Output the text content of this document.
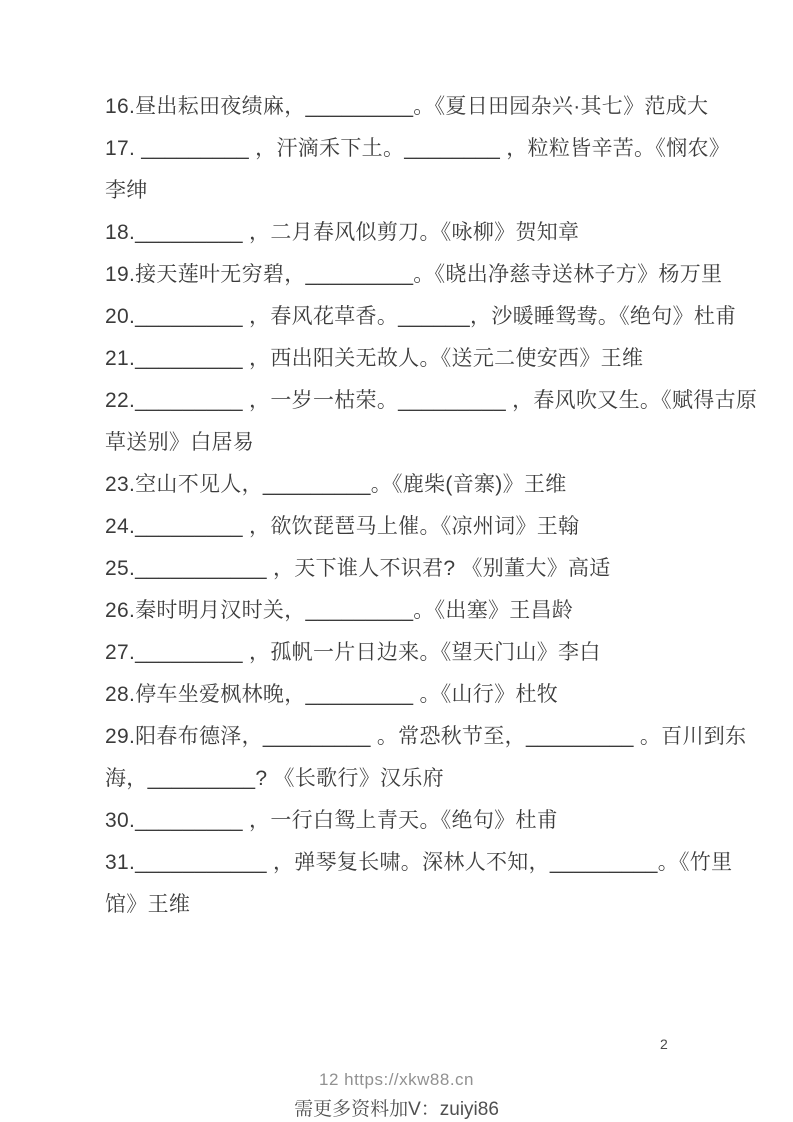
16.昼出耘田夜绩麻，_________。《夏日田园杂兴·其七》范成大
17. _________ ，汗滴禾下土。________ ，粒粒皆辛苦。《悯农》
李绅
18._________ ，二月春风似剪刀。《咏柳》贺知章
19.接天莲叶无穷碧，_________。《晓出净慈寺送林子方》杨万里
20._________ ，春风花草香。______，沙暖睡鸳鸯。《绝句》杜甫
21._________ ，西出阳关无故人。《送元二使安西》王维
22._________ ，一岁一枯荣。_________ ，春风吹又生。《赋得古原
草送别》白居易
23.空山不见人，_________。《鹿柴(音寨)》王维
24._________ ，欲饮琵琶马上催。《凉州词》王翰
25.___________ ，天下谁人不识君? 《别董大》高适
26.秦时明月汉时关，_________。《出塞》王昌龄
27._________ ，孤帆一片日边来。《望天门山》李白
28.停车坐爱枫林晚，_________ 。《山行》杜牧
29.阳春布德泽，_________ 。常恐秋节至，_________ 。百川到东
海，_________? 《长歌行》汉乐府
30._________ ，一行白鸳上青天。《绝句》杜甫
31.___________ ，弹琴复长啸。深林人不知，_________。《竹里
馆》王维
2
12 https://xkw88.cn
需更多资料加V：zuiyi86
